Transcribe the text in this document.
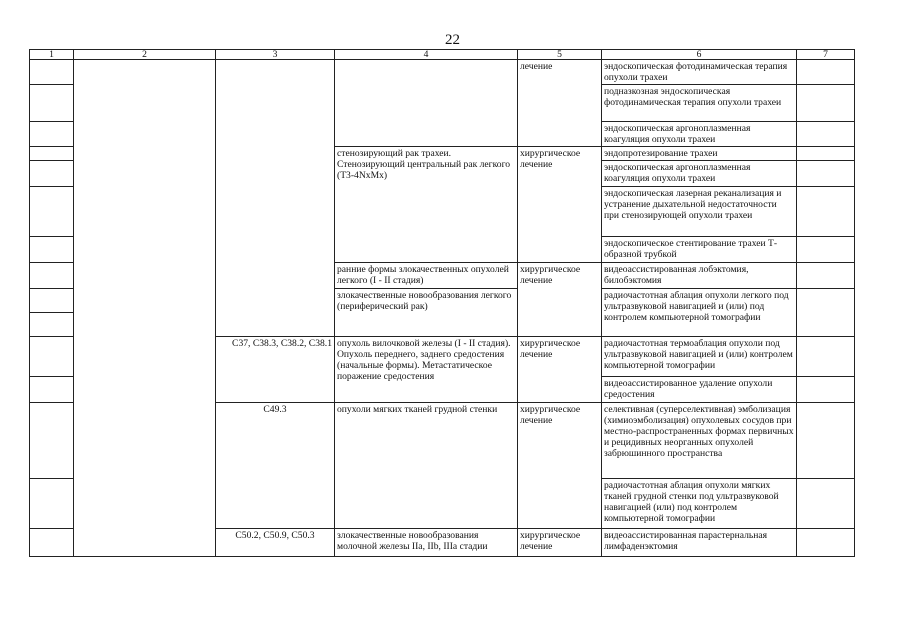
22
1	2	3	4	5	6	7
				лечение	эндоскопическая фотодинамическая терапия опухоли трахеи	
					подназкозная эндоскопическая фотодинамическая терапия опухоли трахеи	
					эндоскопическая аргоноплазменная коагуляция опухоли трахеи	
			стенозирующий рак трахеи. Стенозирующий центральный рак легкого (T3-4NxMx)	хирургическое лечение	эндопротезирование трахеи	
					эндоскопическая аргоноплазменная коагуляция опухоли трахеи	
					эндоскопическая лазерная реканализация и устранение дыхательной недостаточности при стенозирующей опухоли трахеи	
					эндоскопическое стентирование трахеи Т-образной трубкой	
			ранние формы злокачественных опухолей легкого (I - II стадия)	хирургическое лечение	видеоассистированная лобэктомия, билобэктомия	
			злокачественные новообразования легкого (периферический рак)		радиочастотная аблация опухоли легкого под ультразвуковой навигацией и (или) под контролем компьютерной томографии	

		C37, C38.3, C38.2, C38.1	опухоль вилочковой железы (I - II стадия). Опухоль переднего, заднего средостения (начальные формы). Метастатическое поражение средостения	хирургическое лечение	радиочастотная термоаблация опухоли под ультразвуковой навигацией и (или) контролем компьютерной томографии	
					видеоассистированное удаление опухоли средостения	
		C49.3	опухоли мягких тканей грудной стенки	хирургическое лечение	селективная (суперселективная) эмболизация (химиоэмболизация) опухолевых сосудов при местно-распространенных формах первичных и рецидивных неорганных опухолей забрюшинного пространства	
					радиочастотная аблация опухоли мягких тканей грудной стенки под ультразвуковой навигацией (или) под контролем компьютерной томографии	
		C50.2, C50.9, C50.3	злокачественные новообразования молочной железы IIa, IIb, IIIa стадии	хирургическое лечение	видеоассистированная парастернальная лимфаденэктомия	
